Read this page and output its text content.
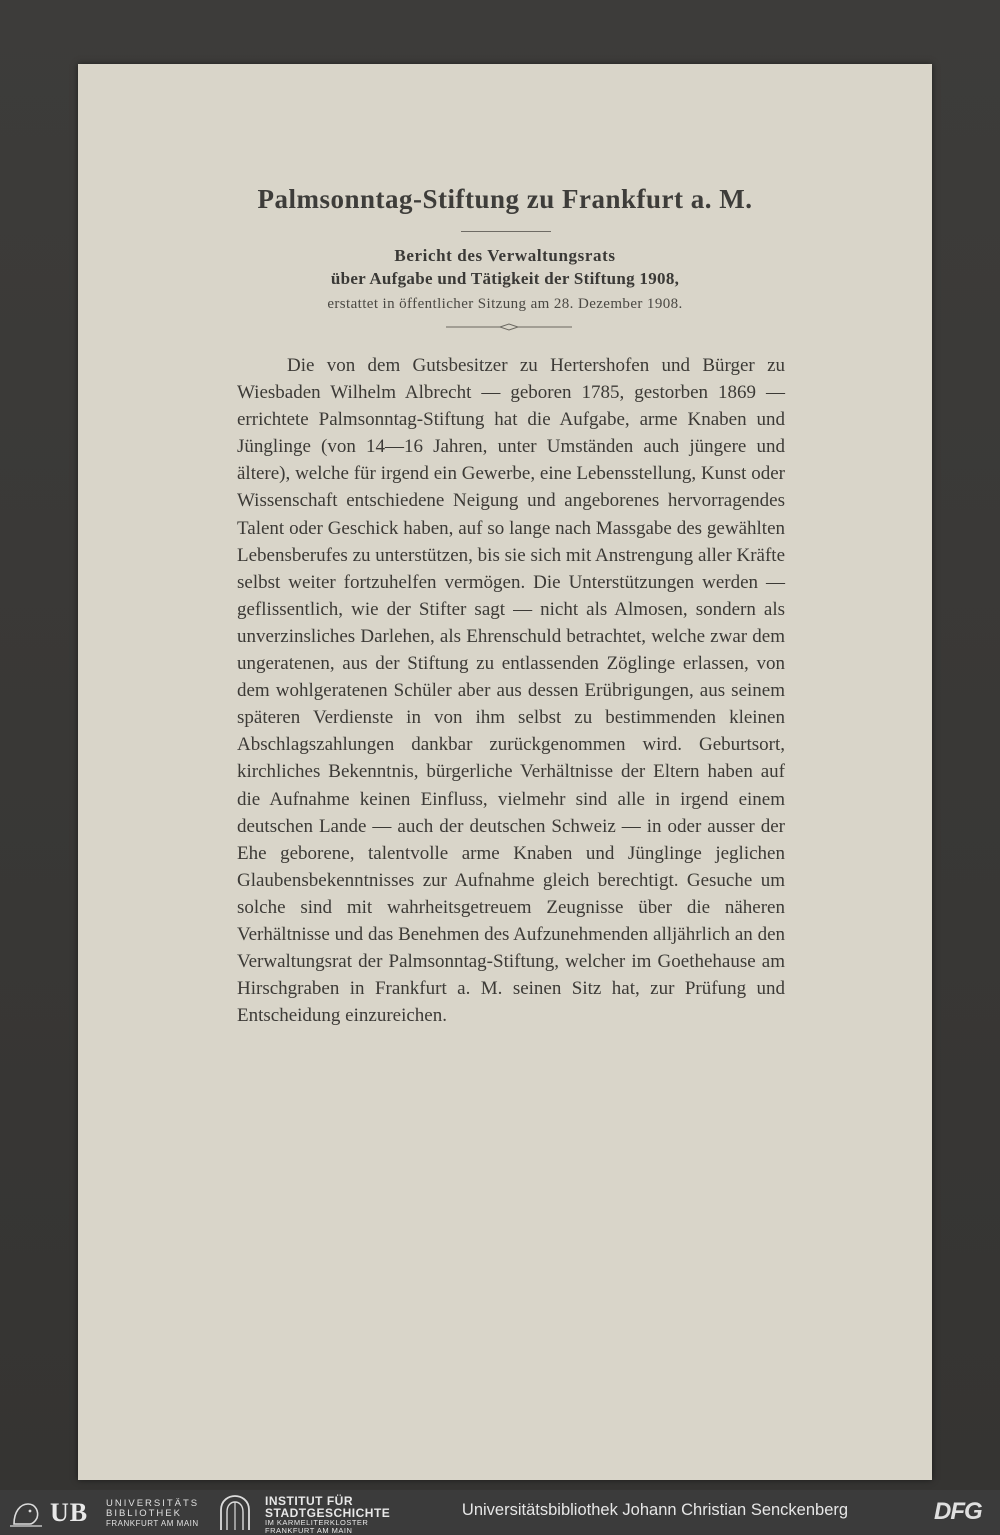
Palmsonntag-Stiftung zu Frankfurt a. M.
Bericht des Verwaltungsrats
über Aufgabe und Tätigkeit der Stiftung 1908,
erstattet in öffentlicher Sitzung am 28. Dezember 1908.

Die von dem Gutsbesitzer zu Hertershofen und Bürger zu Wiesbaden Wilhelm Albrecht — geboren 1785, gestorben 1869 — errichtete Palmsonntag-Stiftung hat die Aufgabe, arme Knaben und Jünglinge (von 14—16 Jahren, unter Umständen auch jüngere und ältere), welche für irgend ein Gewerbe, eine Lebensstellung, Kunst oder Wissenschaft entschiedene Neigung und angeborenes hervorragendes Talent oder Geschick haben, auf so lange nach Massgabe des gewählten Lebensberufes zu unterstützen, bis sie sich mit Anstrengung aller Kräfte selbst weiter fortzuhelfen vermögen. Die Unterstützungen werden — geflissentlich, wie der Stifter sagt — nicht als Almosen, sondern als unverzinsliches Darlehen, als Ehrenschuld betrachtet, welche zwar dem ungeratenen, aus der Stiftung zu entlassenden Zöglinge erlassen, von dem wohlgeratenen Schüler aber aus dessen Erübrigungen, aus seinem späteren Verdienste in von ihm selbst zu bestimmenden kleinen Abschlagszahlungen dankbar zurückgenommen wird. Geburtsort, kirchliches Bekenntnis, bürgerliche Verhältnisse der Eltern haben auf die Aufnahme keinen Einfluss, vielmehr sind alle in irgend einem deutschen Lande — auch der deutschen Schweiz — in oder ausser der Ehe geborene, talentvolle arme Knaben und Jünglinge jeglichen Glaubensbekenntnisses zur Aufnahme gleich berechtigt. Gesuche um solche sind mit wahrheitsgetreuem Zeugnisse über die näheren Verhältnisse und das Benehmen des Aufzunehmenden alljährlich an den Verwaltungsrat der Palmsonntag-Stiftung, welcher im Goethehause am Hirschgraben in Frankfurt a. M. seinen Sitz hat, zur Prüfung und Entscheidung einzureichen.

UB UNIVERSITÄTS
BIBLIOTHEK
FRANKFURT AM MAIN
INSTITUT FÜR
STADTGESCHICHTE
IM KARMELITERKLOSTER
FRANKFURT AM MAIN
Universitätsbibliothek Johann Christian Senckenberg	DFG
